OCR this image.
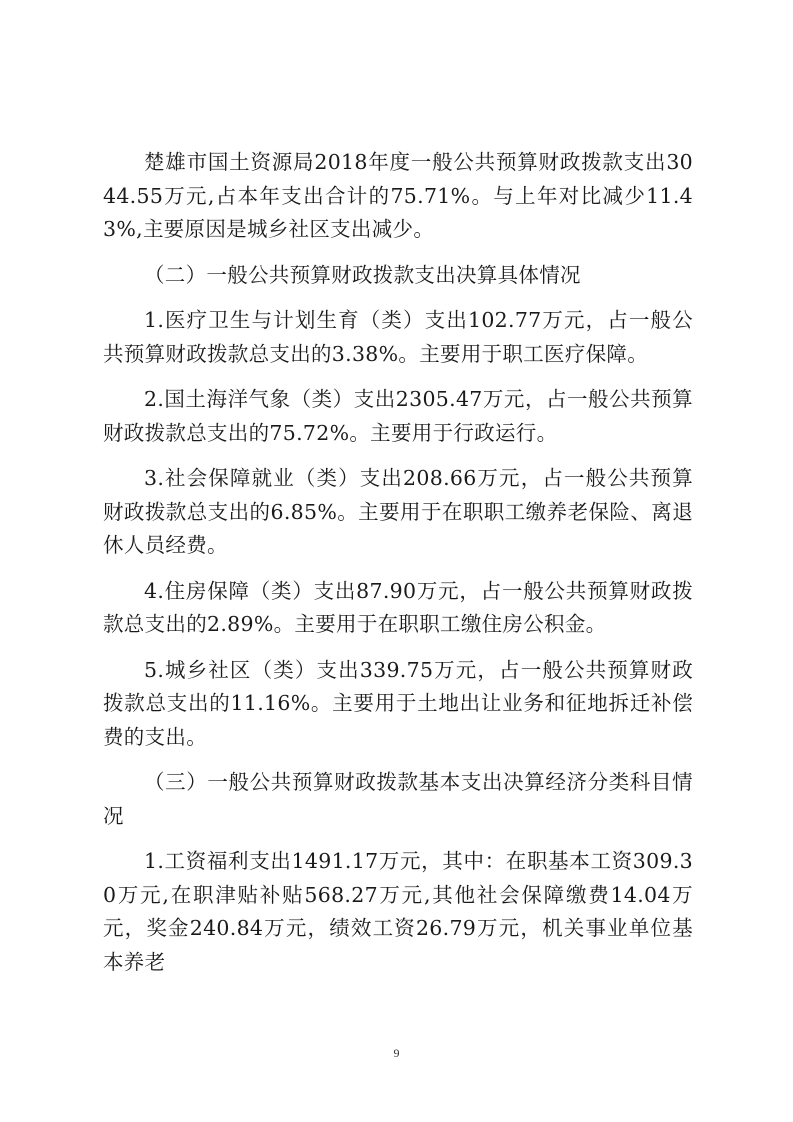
楚雄市国土资源局2018年度一般公共预算财政拨款支出3044.55万元,占本年支出合计的75.71%。与上年对比减少11.43%,主要原因是城乡社区支出减少。

（二）一般公共预算财政拨款支出决算具体情况

1.医疗卫生与计划生育（类）支出102.77万元，占一般公共预算财政拨款总支出的3.38%。主要用于职工医疗保障。

2.国土海洋气象（类）支出2305.47万元，占一般公共预算财政拨款总支出的75.72%。主要用于行政运行。

3.社会保障就业（类）支出208.66万元，占一般公共预算财政拨款总支出的6.85%。主要用于在职职工缴养老保险、离退休人员经费。

4.住房保障（类）支出87.90万元，占一般公共预算财政拨款总支出的2.89%。主要用于在职职工缴住房公积金。

5.城乡社区（类）支出339.75万元，占一般公共预算财政拨款总支出的11.16%。主要用于土地出让业务和征地拆迁补偿费的支出。

（三）一般公共预算财政拨款基本支出决算经济分类科目情况

1.工资福利支出1491.17万元，其中：在职基本工资309.30万元,在职津贴补贴568.27万元,其他社会保障缴费14.04万元，奖金240.84万元，绩效工资26.79万元，机关事业单位基本养老

9
